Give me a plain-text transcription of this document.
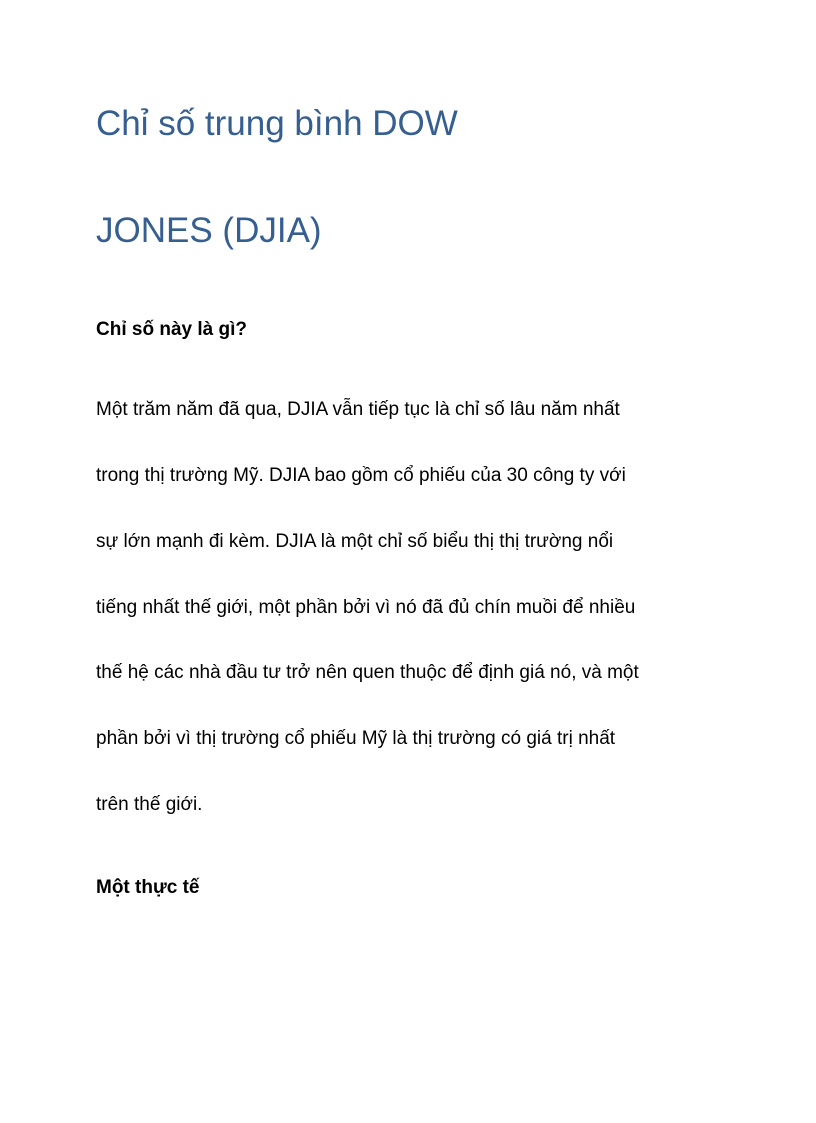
Chỉ số trung bình DOW
JONES (DJIA)
Chỉ số này là gì?

Một trăm năm đã qua, DJIA vẫn tiếp tục là chỉ số lâu năm nhất

trong thị trường Mỹ. DJIA bao gồm cổ phiếu của 30 công ty với

sự lớn mạnh đi kèm. DJIA là một chỉ số biểu thị thị trường nổi

tiếng nhất thế giới, một phần bởi vì nó đã đủ chín muồi để nhiều

thế hệ các nhà đầu tư trở nên quen thuộc để định giá nó, và một

phần bởi vì thị trường cổ phiếu Mỹ là thị trường có giá trị nhất

trên thế giới.

Một thực tế
